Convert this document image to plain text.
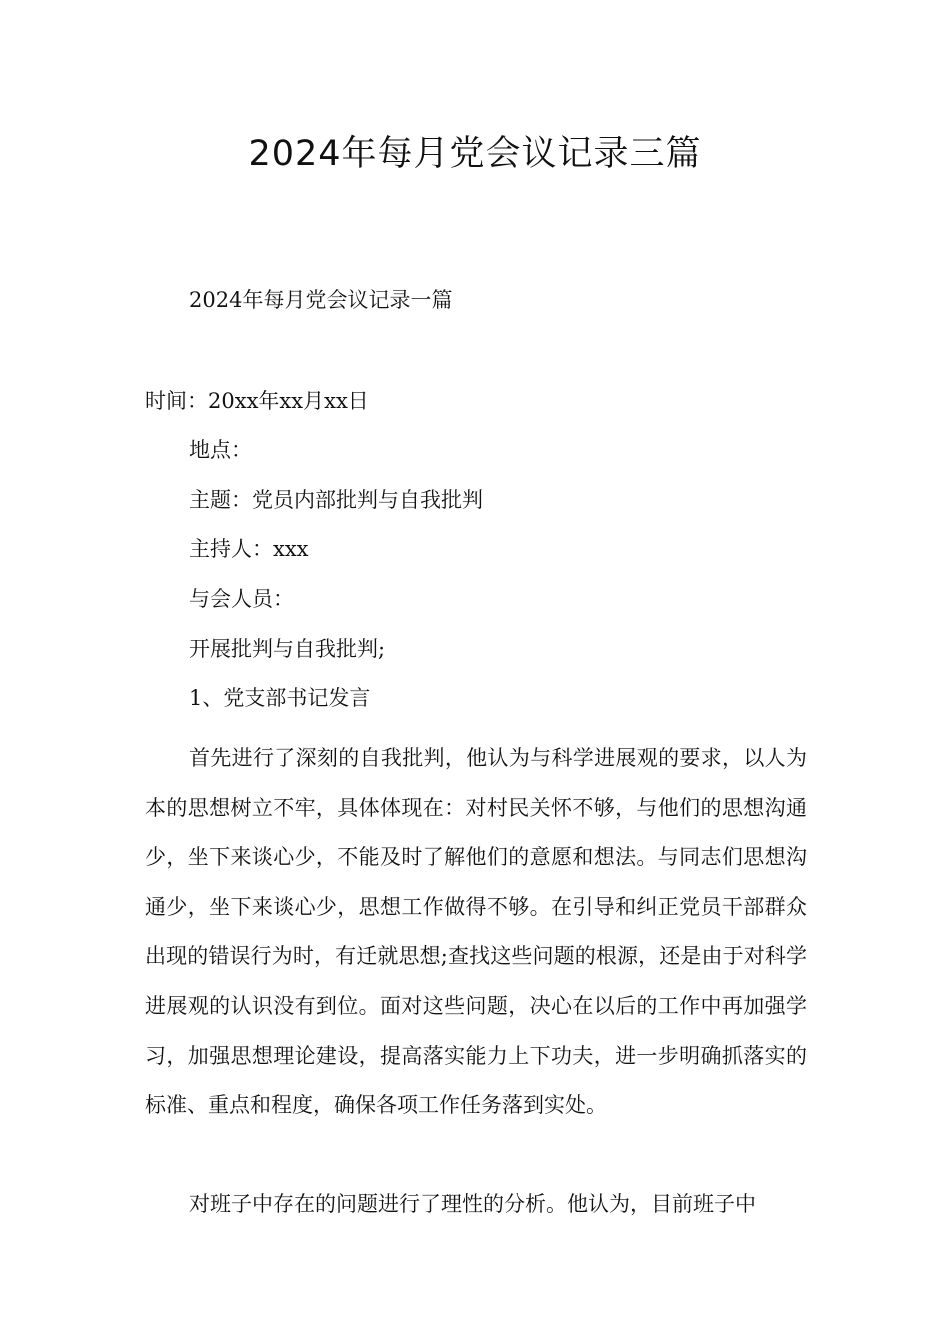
2024年每月党会议记录三篇

2024年每月党会议记录一篇

时间：20xx年xx月xx日

地点：

主题：党员内部批判与自我批判

主持人：xxx

与会人员：

开展批判与自我批判;

1、党支部书记发言

首先进行了深刻的自我批判，他认为与科学进展观的要求，以人为本的思想树立不牢，具体体现在：对村民关怀不够，与他们的思想沟通少，坐下来谈心少，不能及时了解他们的意愿和想法。与同志们思想沟通少，坐下来谈心少，思想工作做得不够。在引导和纠正党员干部群众出现的错误行为时，有迁就思想;查找这些问题的根源，还是由于对科学进展观的认识没有到位。面对这些问题，决心在以后的工作中再加强学习，加强思想理论建设，提高落实能力上下功夫，进一步明确抓落实的标准、重点和程度，确保各项工作任务落到实处。

对班子中存在的问题进行了理性的分析。他认为，目前班子中
